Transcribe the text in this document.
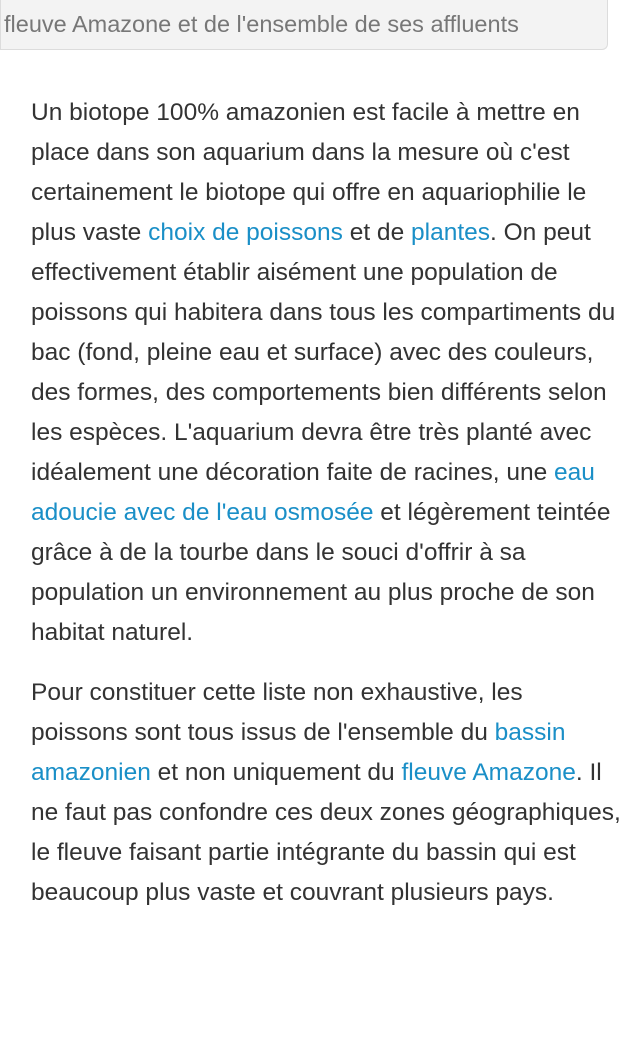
fleuve Amazone et de l'ensemble de ses affluents

Un biotope 100% amazonien est facile à mettre en place dans son aquarium dans la mesure où c'est certainement le biotope qui offre en aquariophilie le plus vaste choix de poissons et de plantes. On peut effectivement établir aisément une population de poissons qui habitera dans tous les compartiments du bac (fond, pleine eau et surface) avec des couleurs, des formes, des comportements bien différents selon les espèces. L'aquarium devra être très planté avec idéalement une décoration faite de racines, une eau adoucie avec de l'eau osmosée et légèrement teintée grâce à de la tourbe dans le souci d'offrir à sa population un environnement au plus proche de son habitat naturel.

Pour constituer cette liste non exhaustive, les poissons sont tous issus de l'ensemble du bassin amazonien et non uniquement du fleuve Amazone. Il ne faut pas confondre ces deux zones géographiques, le fleuve faisant partie intégrante du bassin qui est beaucoup plus vaste et couvrant plusieurs pays.
